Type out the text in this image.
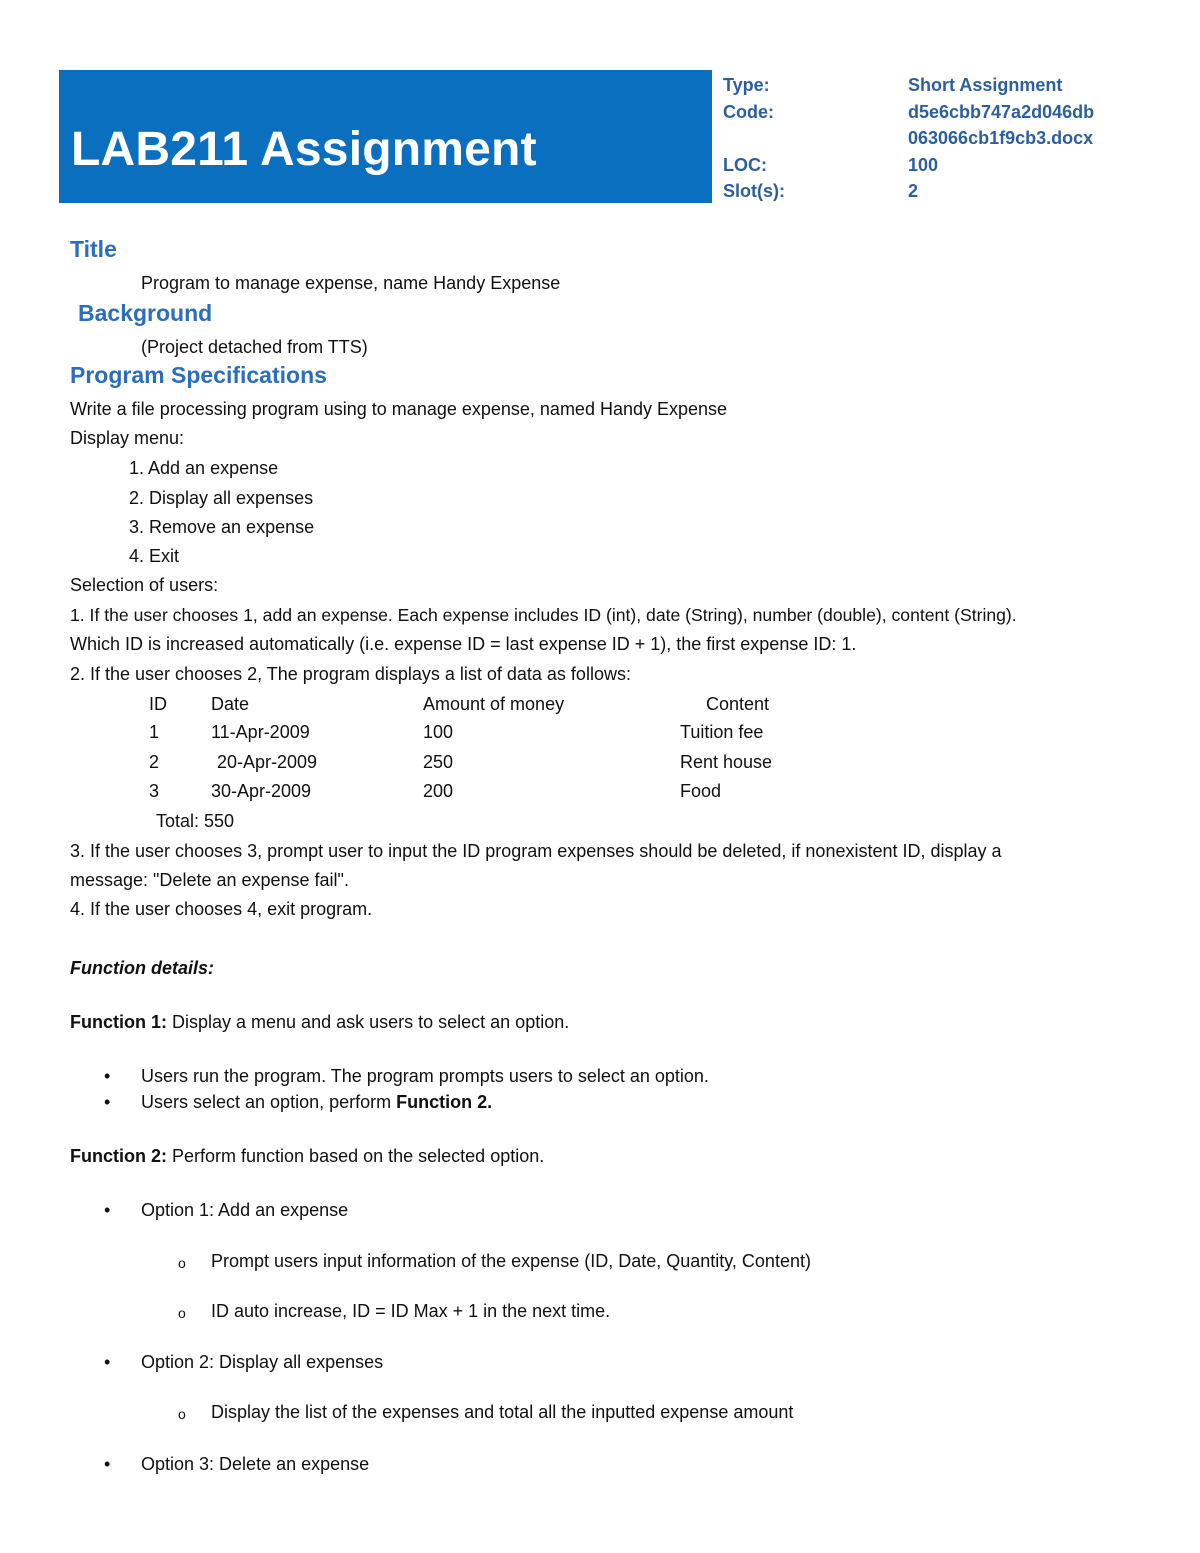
LAB211 Assignment
Type:	Short Assignment
Code:	d5e6cbb747a2d046db
063066cb1f9cb3.docx
LOC:	100
Slot(s):	2
Title
Program to manage expense, name Handy Expense
Background
(Project detached from TTS)
Program Specifications
Write a file processing program using to manage expense, named Handy Expense
Display menu:
1. Add an expense
2. Display all expenses
3. Remove an expense
4. Exit
Selection of users:
1. If the user chooses 1, add an expense. Each expense includes ID (int), date (String), number (double), content (String).
Which ID is increased automatically (i.e. expense ID = last expense ID + 1), the first expense ID: 1.
2. If the user chooses 2, The program displays a list of data as follows:
ID Date	Amount of money	Content
1	11-Apr-2009	100	Tuition fee
2	20-Apr-2009	250	Rent house
3	30-Apr-2009	200	Food
Total: 550
3. If the user chooses 3, prompt user to input the ID program expenses should be deleted, if nonexistent ID, display a
message: "Delete an expense fail".
4. If the user chooses 4, exit program.
Function details:
Function 1: Display a menu and ask users to select an option.
• Users run the program. The program prompts users to select an option.
• Users select an option, perform Function 2.
Function 2: Perform function based on the selected option.
• Option 1: Add an expense
o Prompt users input information of the expense (ID, Date, Quantity, Content)
o ID auto increase, ID = ID Max + 1 in the next time.
• Option 2: Display all expenses
o Display the list of the expenses and total all the inputted expense amount
• Option 3: Delete an expense
